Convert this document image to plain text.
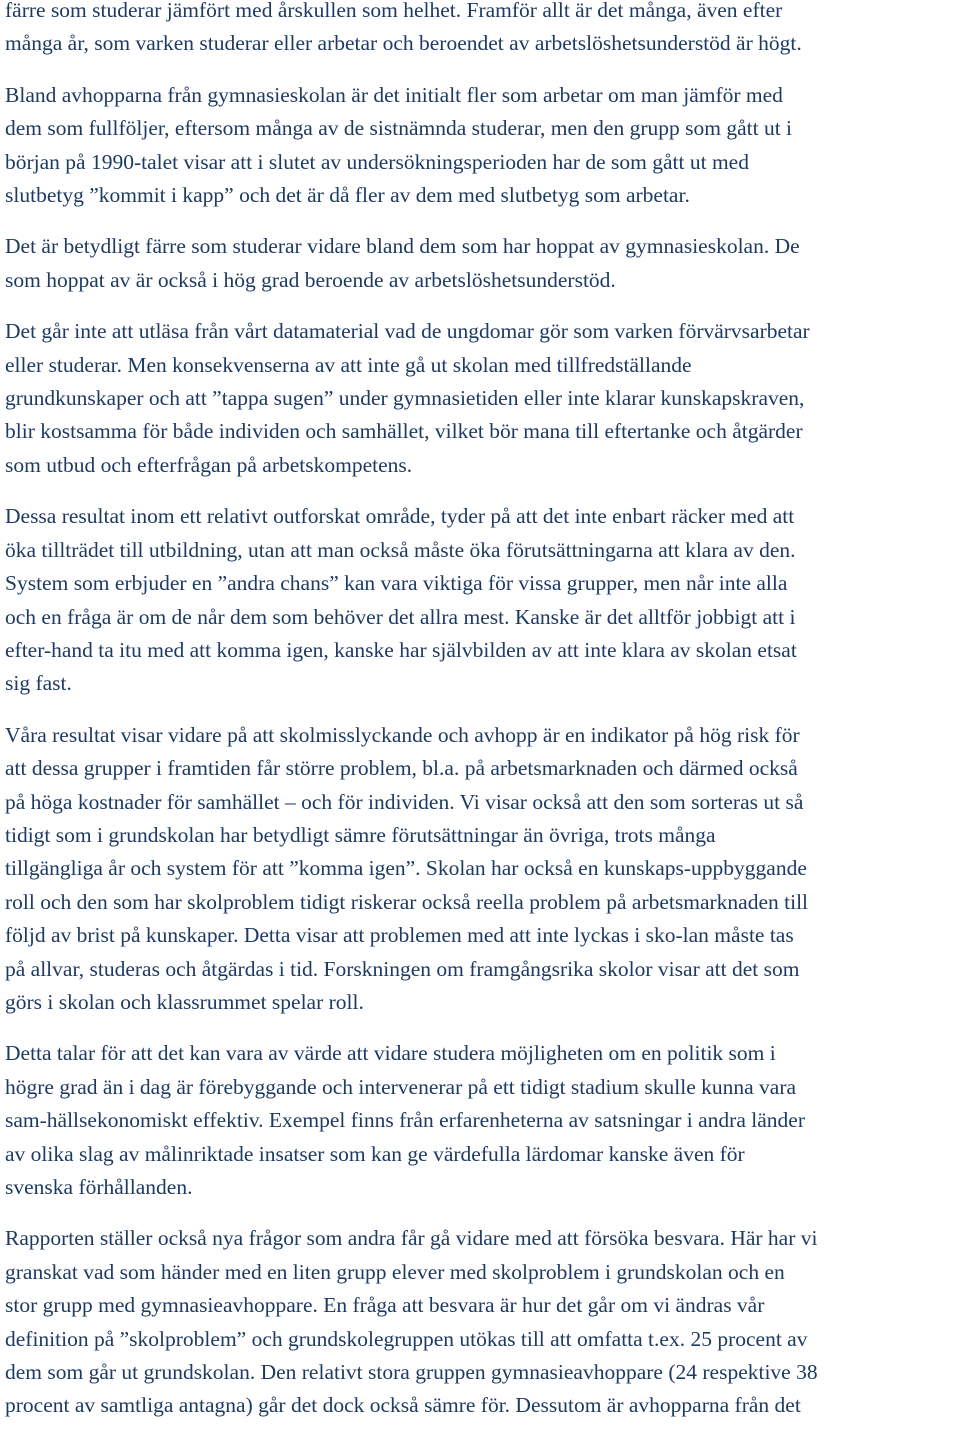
färre som studerar jämfört med årskullen som helhet. Framför allt är det många, även efter
många år, som varken studerar eller arbetar och beroendet av arbetslöshetsunderstöd är högt.
Bland avhopparna från gymnasieskolan är det initialt fler som arbetar om man jämför med
dem som fullföljer, eftersom många av de sistnämnda studerar, men den grupp som gått ut i
början på 1990-talet visar att i slutet av undersökningsperioden har de som gått ut med
slutbetyg ”kommit i kapp” och det är då fler av dem med slutbetyg som arbetar.
Det är betydligt färre som studerar vidare bland dem som har hoppat av gymnasieskolan. De
som hoppat av är också i hög grad beroende av arbetslöshetsunderstöd.
Det går inte att utläsa från vårt datamaterial vad de ungdomar gör som varken förvärvsarbetar
eller studerar. Men konsekvenserna av att inte gå ut skolan med tillfredställande
grundkunskaper och att ”tappa sugen” under gymnasietiden eller inte klarar kunskapskraven,
blir kostsamma för både individen och samhället, vilket bör mana till eftertanke och åtgärder
som utbud och efterfrågan på arbetskompetens.
Dessa resultat inom ett relativt outforskat område, tyder på att det inte enbart räcker med att
öka tillträdet till utbildning, utan att man också måste öka förutsättningarna att klara av den.
System som erbjuder en ”andra chans” kan vara viktiga för vissa grupper, men når inte alla
och en fråga är om de når dem som behöver det allra mest. Kanske är det alltför jobbigt att i
efter-hand ta itu med att komma igen, kanske har självbilden av att inte klara av skolan etsat
sig fast.
Våra resultat visar vidare på att skolmisslyckande och avhopp är en indikator på hög risk för
att dessa grupper i framtiden får större problem, bl.a. på arbetsmarknaden och därmed också
på höga kostnader för samhället – och för individen. Vi visar också att den som sorteras ut så
tidigt som i grundskolan har betydligt sämre förutsättningar än övriga, trots många
tillgängliga år och system för att ”komma igen”. Skolan har också en kunskaps-uppbyggande
roll och den som har skolproblem tidigt riskerar också reella problem på arbetsmarknaden till
följd av brist på kunskaper. Detta visar att problemen med att inte lyckas i sko-lan måste tas
på allvar, studeras och åtgärdas i tid. Forskningen om framgångsrika skolor visar att det som
görs i skolan och klassrummet spelar roll.
Detta talar för att det kan vara av värde att vidare studera möjligheten om en politik som i
högre grad än i dag är förebyggande och intervenerar på ett tidigt stadium skulle kunna vara
sam-hällsekonomiskt effektiv. Exempel finns från erfarenheterna av satsningar i andra länder
av olika slag av målinriktade insatser som kan ge värdefulla lärdomar kanske även för
svenska förhållanden.
Rapporten ställer också nya frågor som andra får gå vidare med att försöka besvara. Här har vi
granskat vad som händer med en liten grupp elever med skolproblem i grundskolan och en
stor grupp med gymnasieavhoppare. En fråga att besvara är hur det går om vi ändras vår
definition på ”skolproblem” och grundskolegruppen utökas till att omfatta t.ex. 25 procent av
dem som går ut grundskolan. Den relativt stora gruppen gymnasieavhoppare (24 respektive 38
procent av samtliga antagna) går det dock också sämre för. Dessutom är avhopparna från det
